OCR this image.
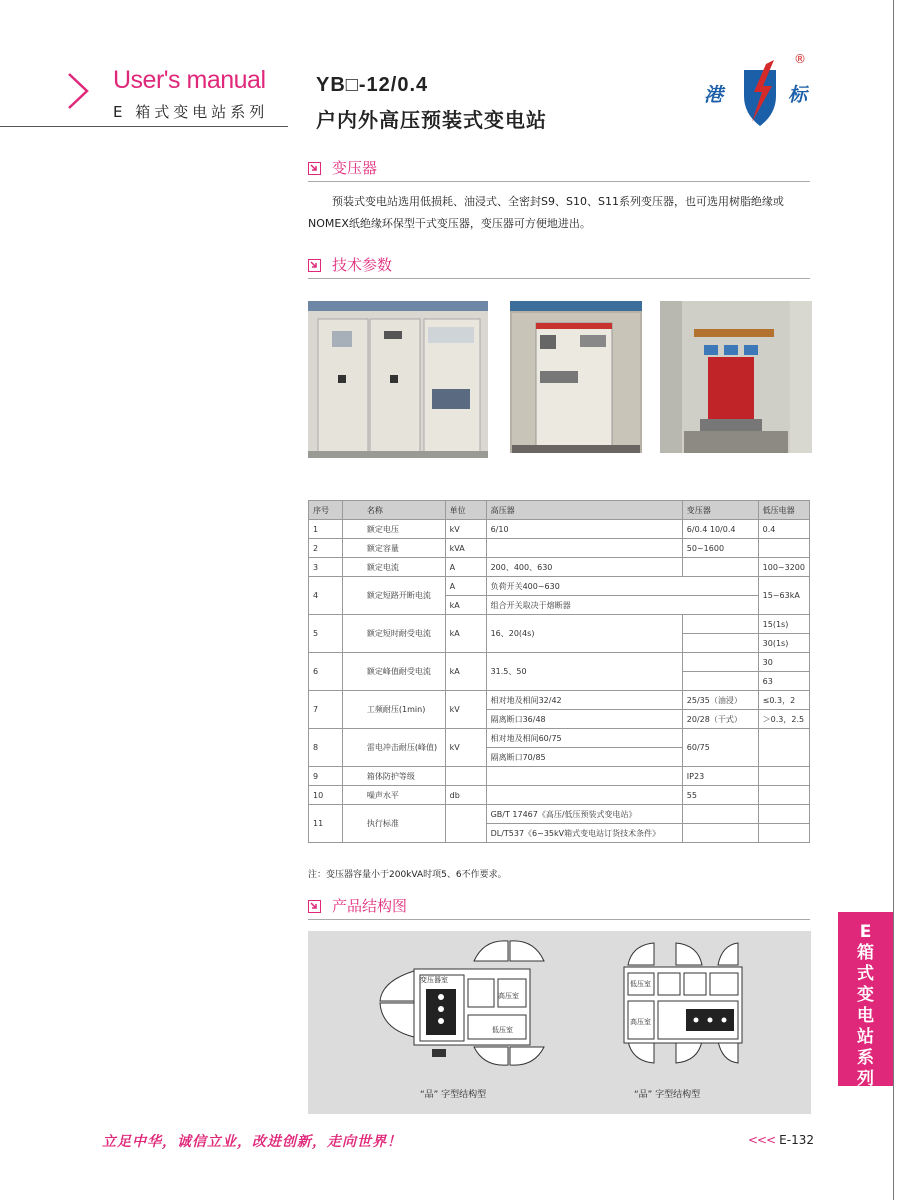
User's manual
E 箱式变电站系列
YB□-12/0.4
户内外高压预装式变电站
港	标
®
变压器
预装式变电站选用低损耗、油浸式、全密封S9、S10、S11系列变压器，也可选用树脂绝缘或NOMEX纸绝缘环保型干式变压器，变压器可方便地进出。
技术参数
序号	名称	单位	高压器	变压器	低压电器
1	额定电压	kV	6/10	6/0.4 10/0.4	0.4
2	额定容量	kVA		50~1600	
3	额定电流	A	200、400、630		100~3200
4	额定短路开断电流	A	负荷开关400~630		15~63kA
		kA	组合开关取决于熔断器		
5	额定短时耐受电流	kA	16、20(4s)		15(1s)
					30(1s)
6	额定峰值耐受电流	kA	31.5、50		30
					63
7	工频耐压(1min)	kV	相对地及相间32/42	25/35（油浸）	≤0.3，2
			隔离断口36/48	20/28（干式）	＞0.3，2.5
8	雷电冲击耐压(峰值)	kV	相对地及相间60/75	60/75	
			隔离断口70/85		
9	箱体防护等级			IP23	
10	噪声水平	db		55	
11	执行标准		GB/T 17467《高压/低压预装式变电站》		
			DL/T537《6~35kV箱式变电站订货技术条件》		
注：变压器容量小于200kVA时项5、6不作要求。
产品结构图
变压器室
高压室
低压室
低压室
高压室
“品” 字型结构型	“品” 字型结构型
E
箱
式
变
电
站
系
列
立足中华，诚信立业，改进创新，走向世界！	<<< E-132
